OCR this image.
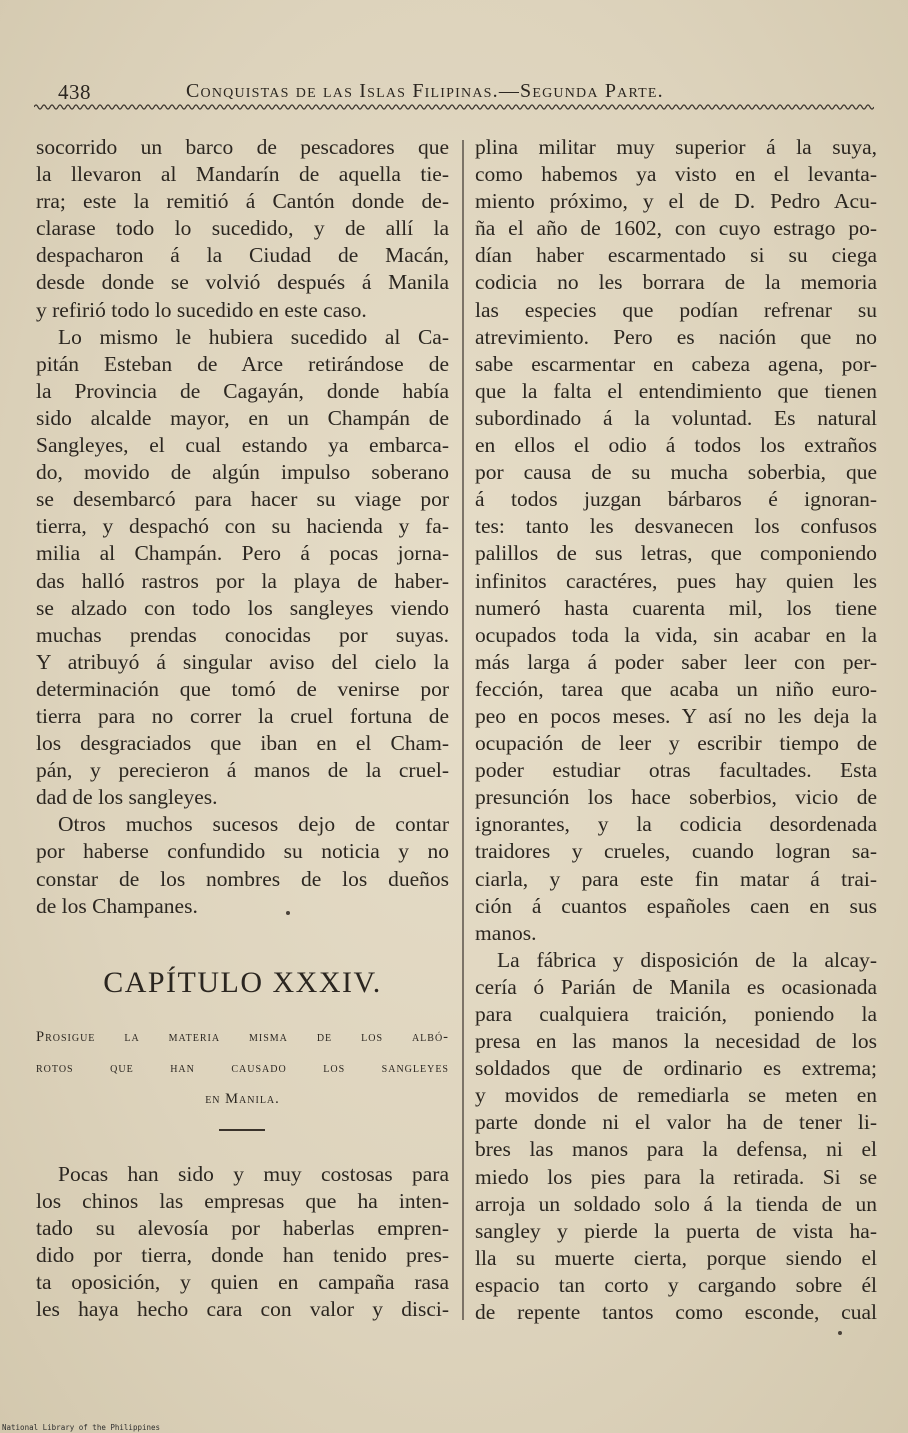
438	Conquistas de las Islas Filipinas.—Segunda Parte.
socorrido un barco de pescadores que
la llevaron al Mandarín de aquella tie-
rra; este la remitió á Cantón donde de-
clarase todo lo sucedido, y de allí la
despacharon á la Ciudad de Macán,
desde donde se volvió después á Manila
y refirió todo lo sucedido en este caso.
Lo mismo le hubiera sucedido al Ca-
pitán Esteban de Arce retirándose de
la Provincia de Cagayán, donde había
sido alcalde mayor, en un Champán de
Sangleyes, el cual estando ya embarca-
do, movido de algún impulso soberano
se desembarcó para hacer su viage por
tierra, y despachó con su hacienda y fa-
milia al Champán. Pero á pocas jorna-
das halló rastros por la playa de haber-
se alzado con todo los sangleyes viendo
muchas prendas conocidas por suyas.
Y atribuyó á singular aviso del cielo la
determinación que tomó de venirse por
tierra para no correr la cruel fortuna de
los desgraciados que iban en el Cham-
pán, y perecieron á manos de la cruel-
dad de los sangleyes.
Otros muchos sucesos dejo de contar
por haberse confundido su noticia y no
constar de los nombres de los dueños
de los Champanes.
CAPÍTULO XXXIV.
Prosigue la materia misma de los albó-
rotos que han causado los sangleyes
en Manila.
Pocas han sido y muy costosas para
los chinos las empresas que ha inten-
tado su alevosía por haberlas empren-
dido por tierra, donde han tenido pres-
ta oposición, y quien en campaña rasa
les haya hecho cara con valor y disci-
plina militar muy superior á la suya,
como habemos ya visto en el levanta-
miento próximo, y el de D. Pedro Acu-
ña el año de 1602, con cuyo estrago po-
dían haber escarmentado si su ciega
codicia no les borrara de la memoria
las especies que podían refrenar su
atrevimiento. Pero es nación que no
sabe escarmentar en cabeza agena, por-
que la falta el entendimiento que tienen
subordinado á la voluntad. Es natural
en ellos el odio á todos los extraños
por causa de su mucha soberbia, que
á todos juzgan bárbaros é ignoran-
tes: tanto les desvanecen los confusos
palillos de sus letras, que componiendo
infinitos caractéres, pues hay quien les
numeró hasta cuarenta mil, los tiene
ocupados toda la vida, sin acabar en la
más larga á poder saber leer con per-
fección, tarea que acaba un niño euro-
peo en pocos meses. Y así no les deja la
ocupación de leer y escribir tiempo de
poder estudiar otras facultades. Esta
presunción los hace soberbios, vicio de
ignorantes, y la codicia desordenada
traidores y crueles, cuando logran sa-
ciarla, y para este fin matar á trai-
ción á cuantos españoles caen en sus
manos.
La fábrica y disposición de la alcay-
cería ó Parián de Manila es ocasionada
para cualquiera traición, poniendo la
presa en las manos la necesidad de los
soldados que de ordinario es extrema;
y movidos de remediarla se meten en
parte donde ni el valor ha de tener li-
bres las manos para la defensa, ni el
miedo los pies para la retirada. Si se
arroja un soldado solo á la tienda de un
sangley y pierde la puerta de vista ha-
lla su muerte cierta, porque siendo el
espacio tan corto y cargando sobre él
de repente tantos como esconde, cual
National Library of the Philippines
